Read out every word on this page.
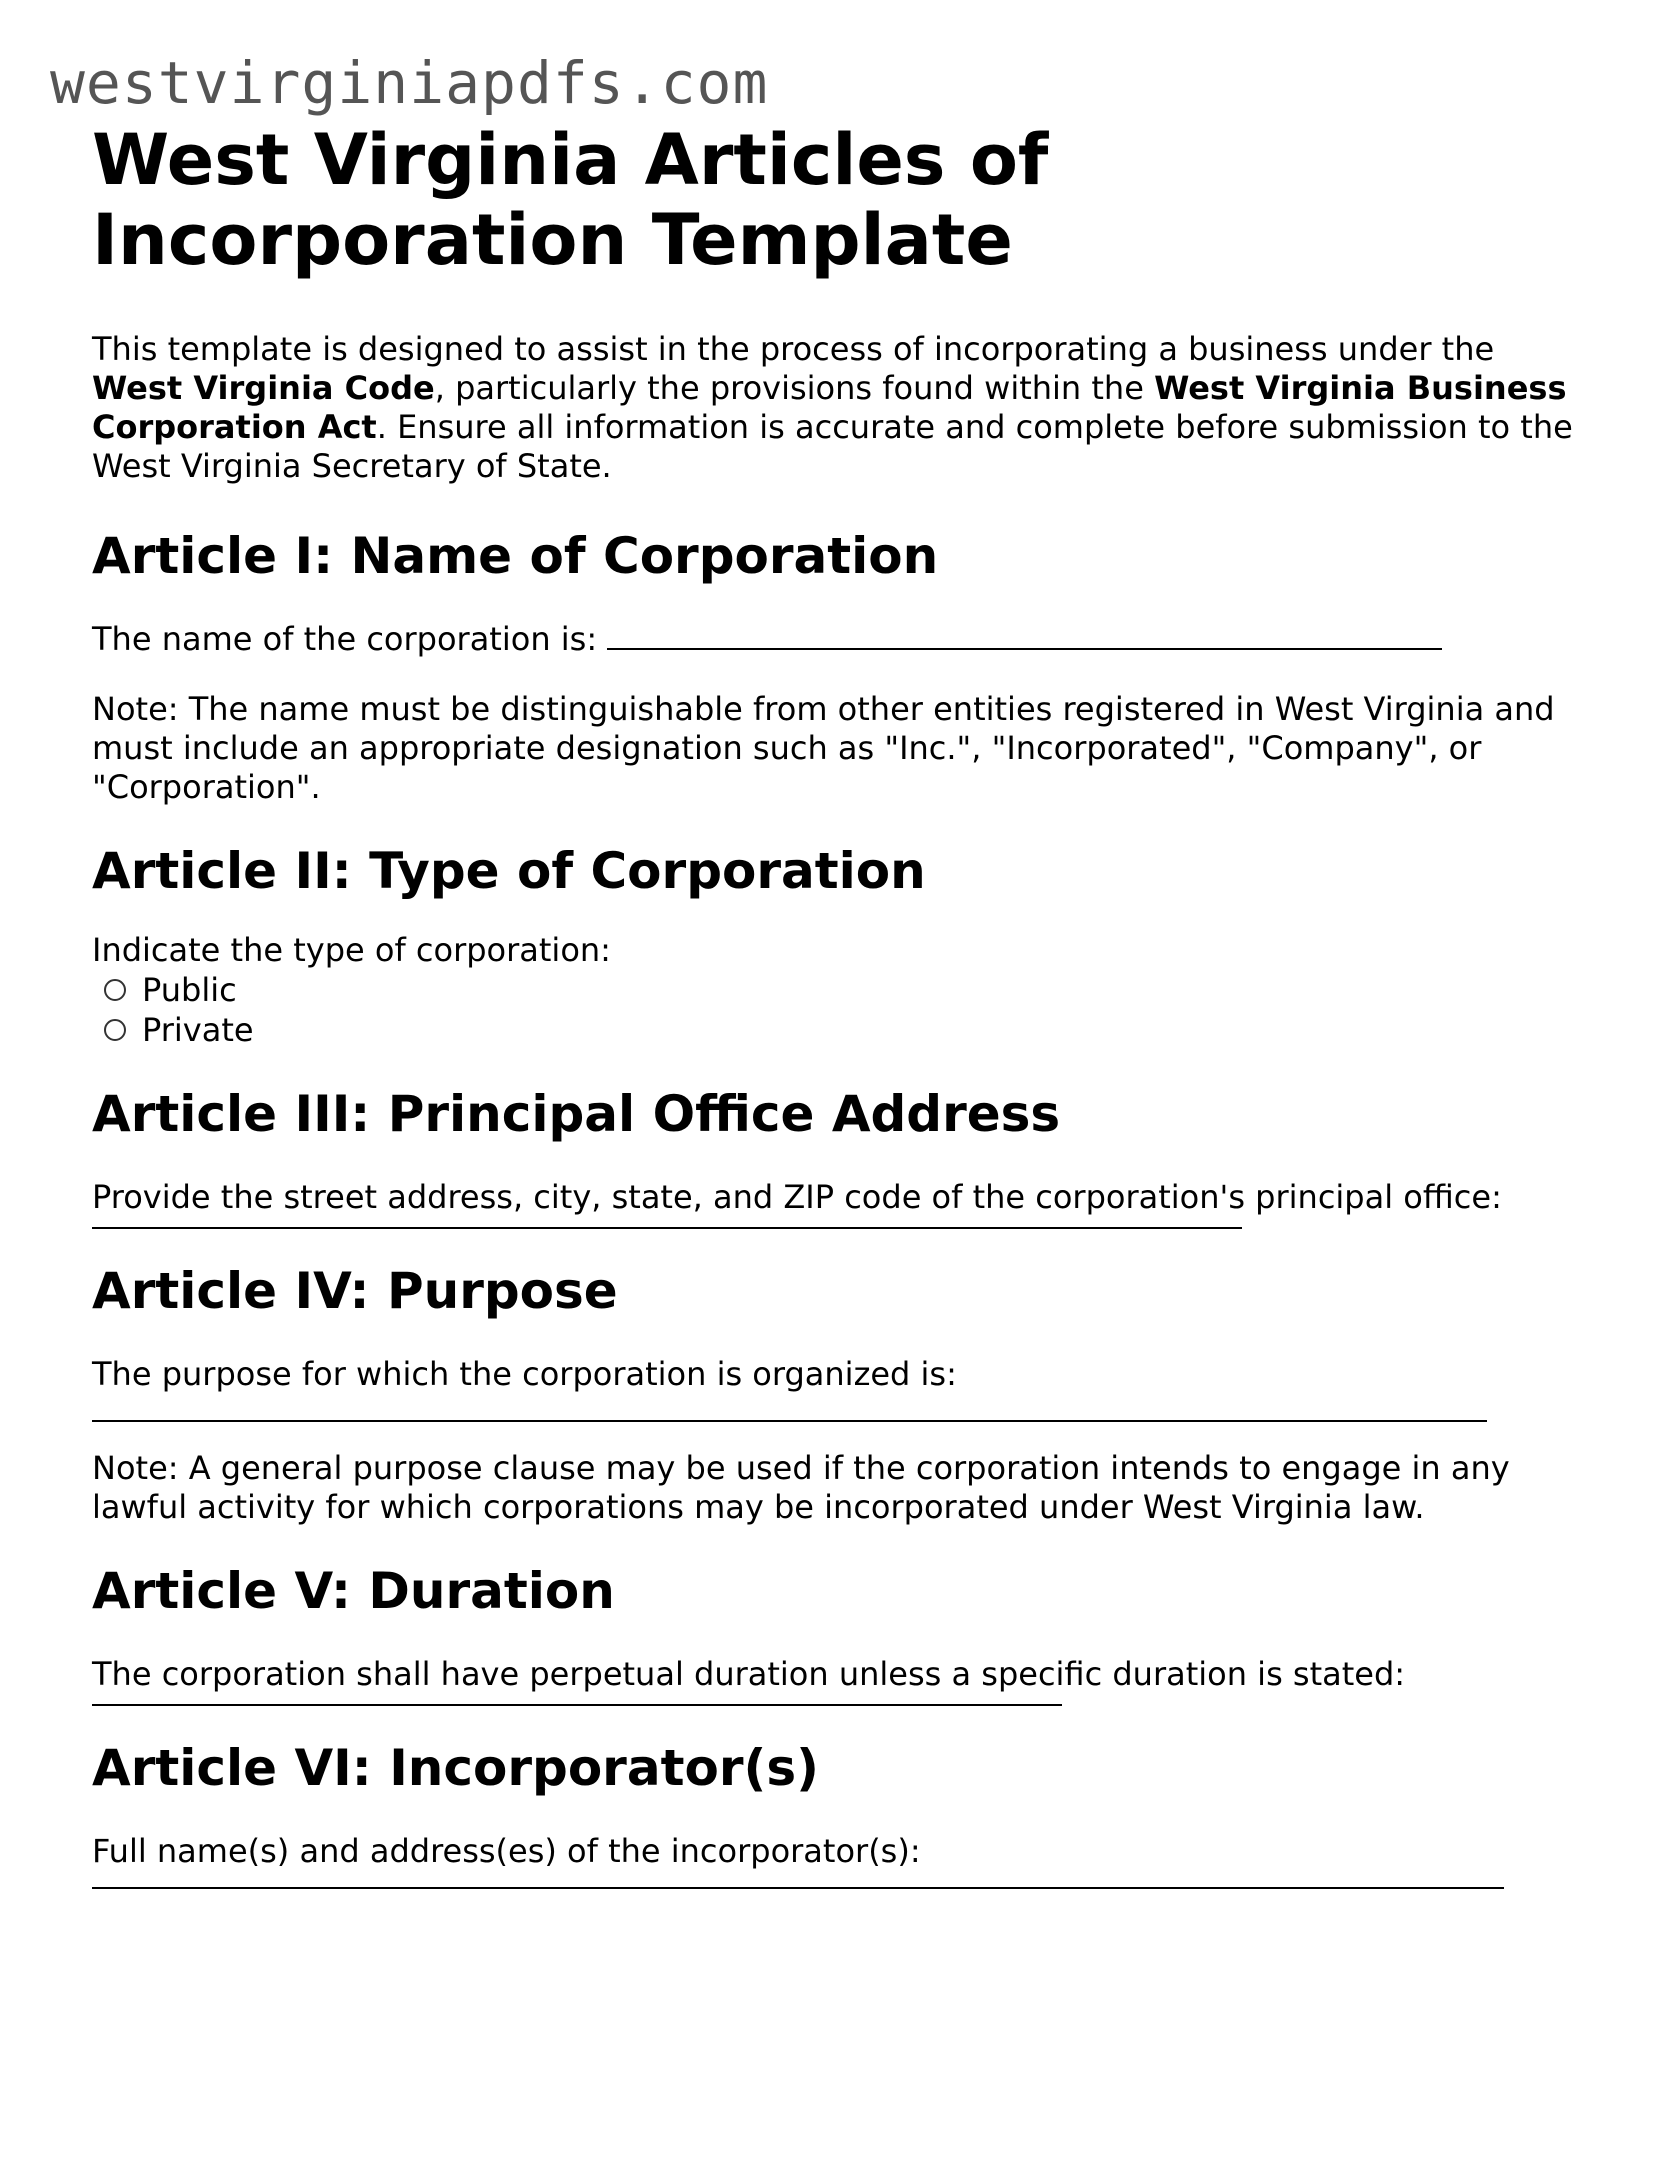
westvirginiapdfs.com
West Virginia Articles of Incorporation Template

This template is designed to assist in the process of incorporating a business under the West Virginia Code, particularly the provisions found within the West Virginia Business Corporation Act. Ensure all information is accurate and complete before submission to the West Virginia Secretary of State.

Article I: Name of Corporation

The name of the corporation is:

Note: The name must be distinguishable from other entities registered in West Virginia and must include an appropriate designation such as "Inc.", "Incorporated", "Company", or "Corporation".

Article II: Type of Corporation

Indicate the type of corporation:

Public
Private
Article III: Principal Office Address

Provide the street address, city, state, and ZIP code of the corporation's principal office:

Article IV: Purpose

The purpose for which the corporation is organized is:

Note: A general purpose clause may be used if the corporation intends to engage in any lawful activity for which corporations may be incorporated under West Virginia law.

Article V: Duration

The corporation shall have perpetual duration unless a specific duration is stated:

Article VI: Incorporator(s)

Full name(s) and address(es) of the incorporator(s):
